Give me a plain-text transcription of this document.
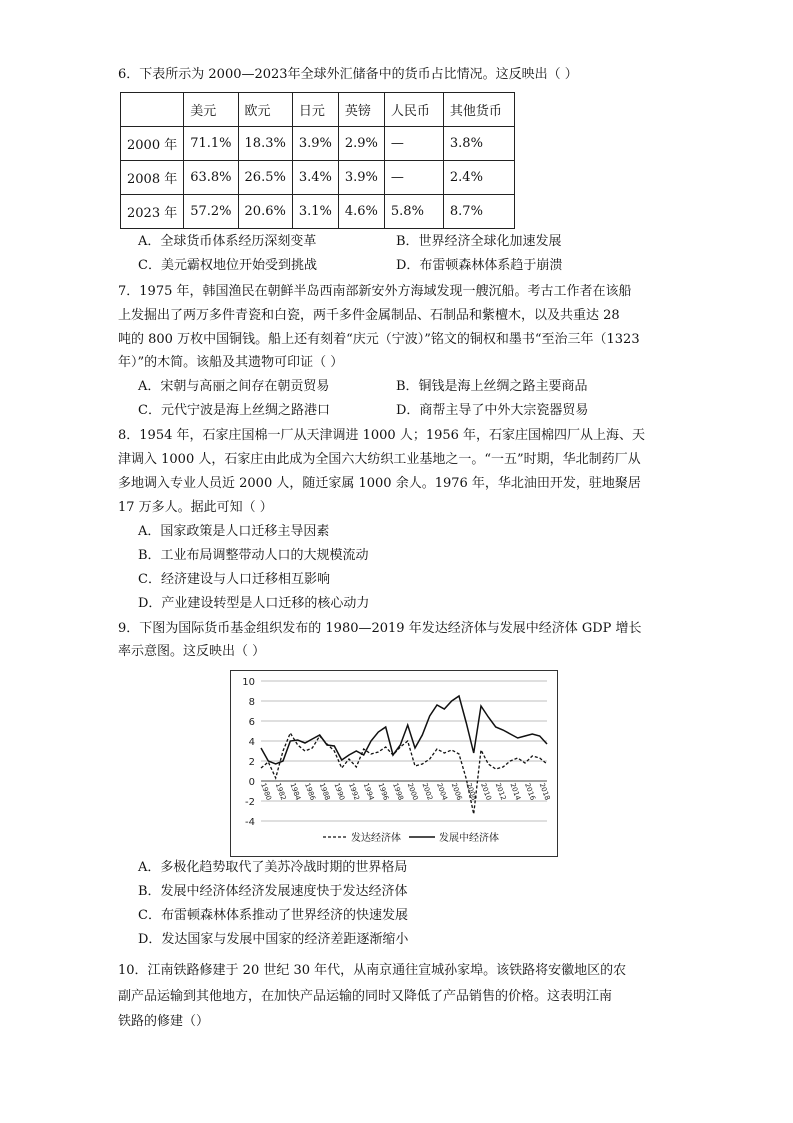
6．下表所示为 2000—2023年全球外汇储备中的货币占比情况。这反映出（ ）
	美元	欧元	日元	英镑	人民币	其他货币
2000 年	71.1%	18.3%	3.9%	2.9%	—	3.8%
2008 年	63.8%	26.5%	3.4%	3.9%	—	2.4%
2023 年	57.2%	20.6%	3.1%	4.6%	5.8%	8.7%
A．全球货币体系经历深刻变革	B．世界经济全球化加速发展
C．美元霸权地位开始受到挑战	D．布雷顿森林体系趋于崩溃
7．1975 年，韩国渔民在朝鲜半岛西南部新安外方海域发现一艘沉船。考古工作者在该船
上发掘出了两万多件青瓷和白瓷，两千多件金属制品、石制品和紫檀木，以及共重达 28
吨的 800 万枚中国铜钱。船上还有刻着“庆元（宁波）”铭文的铜权和墨书“至治三年（1323
年）”的木简。该船及其遗物可印证（ ）
A．宋朝与高丽之间存在朝贡贸易	B．铜钱是海上丝绸之路主要商品
C．元代宁波是海上丝绸之路港口	D．商帮主导了中外大宗瓷器贸易
8．1954 年，石家庄国棉一厂从天津调进 1000 人；1956 年，石家庄国棉四厂从上海、天
津调入 1000 人，石家庄由此成为全国六大纺织工业基地之一。“一五”时期，华北制药厂从
多地调入专业人员近 2000 人，随迁家属 1000 余人。1976 年，华北油田开发，驻地聚居
17 万多人。据此可知（ ）
A．国家政策是人口迁移主导因素
B．工业布局调整带动人口的大规模流动
C．经济建设与人口迁移相互影响
D．产业建设转型是人口迁移的核心动力
9．下图为国际货币基金组织发布的 1980—2019 年发达经济体与发展中经济体 GDP 增长
率示意图。这反映出（ ）
10
8
6
4
2
0
-2
-4
1980 1982 1984 1986 1988 1990 1992 1994 1996 1998 2000 2002 2004 2006 2008 2010 2012 2014 2016 2018
发达经济体	发展中经济体
A．多极化趋势取代了美苏冷战时期的世界格局
B．发展中经济体经济发展速度快于发达经济体
C．布雷顿森林体系推动了世界经济的快速发展
D．发达国家与发展中国家的经济差距逐渐缩小
10．江南铁路修建于 20 世纪 30 年代，从南京通往宣城孙家埠。该铁路将安徽地区的农
副产品运输到其他地方，在加快产品运输的同时又降低了产品销售的价格。这表明江南
铁路的修建（）
